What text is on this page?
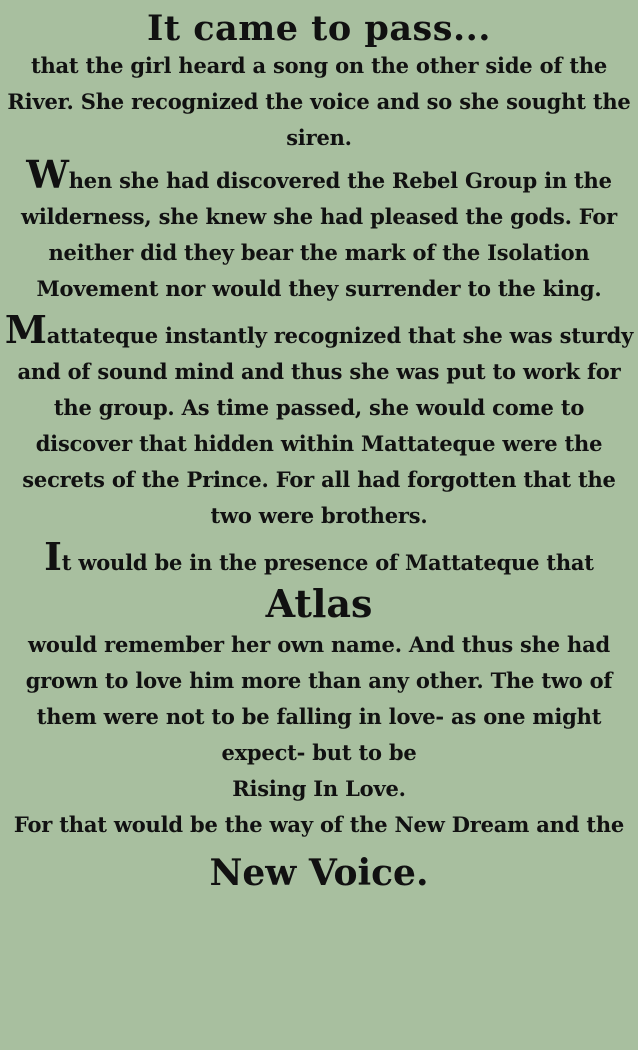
It came to pass...

that the girl heard a song on the other side of the River. She recognized the voice and so she sought the siren.

When she had discovered the Rebel Group in the wilderness, she knew she had pleased the gods. For neither did they bear the mark of the Isolation Movement nor would they surrender to the king.

Mattateque instantly recognized that she was sturdy and of sound mind and thus she was put to work for the group. As time passed, she would come to discover that hidden within Mattateque were the secrets of the Prince. For all had forgotten that the two were brothers.

It would be in the presence of Mattateque that

Atlas

would remember her own name. And thus she had grown to love him more than any other. The two of them were not to be falling in love- as one might expect- but to be

Rising In Love.

For that would be the way of the New Dream and the

New Voice.
